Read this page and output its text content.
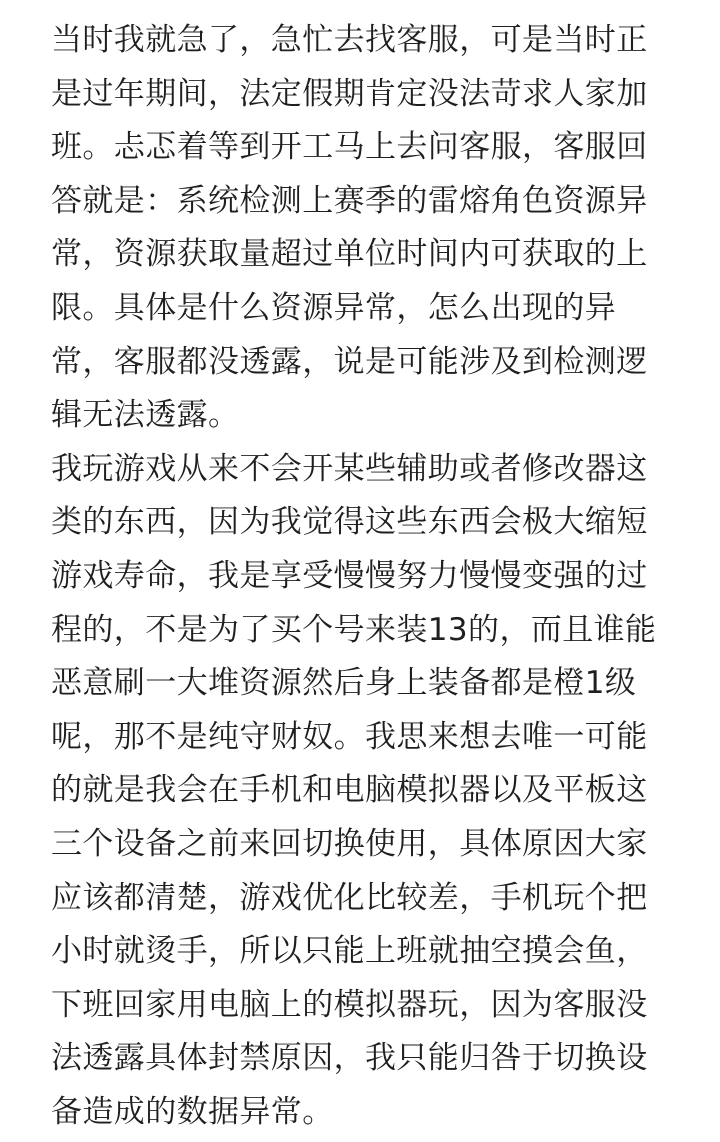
当时我就急了，急忙去找客服，可是当时正
是过年期间，法定假期肯定没法苛求人家加
班。忐忑着等到开工马上去问客服，客服回
答就是：系统检测上赛季的雷熔角色资源异
常，资源获取量超过单位时间内可获取的上
限。具体是什么资源异常，怎么出现的异
常，客服都没透露，说是可能涉及到检测逻
辑无法透露。
我玩游戏从来不会开某些辅助或者修改器这
类的东西，因为我觉得这些东西会极大缩短
游戏寿命，我是享受慢慢努力慢慢变强的过
程的，不是为了买个号来装13的，而且谁能
恶意刷一大堆资源然后身上装备都是橙1级
呢，那不是纯守财奴。我思来想去唯一可能
的就是我会在手机和电脑模拟器以及平板这
三个设备之前来回切换使用，具体原因大家
应该都清楚，游戏优化比较差，手机玩个把
小时就烫手，所以只能上班就抽空摸会鱼，
下班回家用电脑上的模拟器玩，因为客服没
法透露具体封禁原因，我只能归咎于切换设
备造成的数据异常。
